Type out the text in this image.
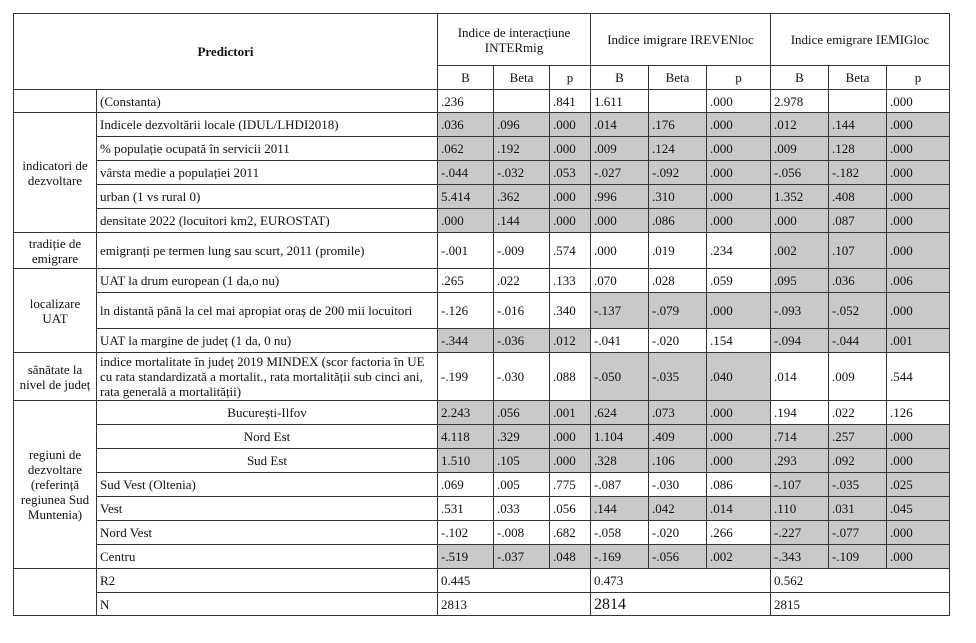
Predictori		Indice de interacțiune INTERmig			Indice imigrare IREVENloc			Indice emigrare IEMIGloc		
		B	Beta	p	B	Beta	p	B	Beta	p
	(Constanta)	.236		.841	1.611		.000	2.978		.000
indicatori de dezvoltare	Indicele dezvoltării locale (IDUL/LHDI2018)	.036	.096	.000	.014	.176	.000	.012	.144	.000
	% populație ocupată în servicii 2011	.062	.192	.000	.009	.124	.000	.009	.128	.000
	vârsta medie a populației 2011	-.044	-.032	.053	-.027	-.092	.000	-.056	-.182	.000
	urban (1 vs rural 0)	5.414	.362	.000	.996	.310	.000	1.352	.408	.000
	densitate 2022 (locuitori km2, EUROSTAT)	.000	.144	.000	.000	.086	.000	.000	.087	.000
tradiție de emigrare	emigranți pe termen lung sau scurt, 2011 (promile)	-.001	-.009	.574	.000	.019	.234	.002	.107	.000
localizare UAT	UAT la drum european (1 da,o nu)	.265	.022	.133	.070	.028	.059	.095	.036	.006
	ln distantă până la cel mai apropiat oraș de 200 mii locuitori	-.126	-.016	.340	-.137	-.079	.000	-.093	-.052	.000
	UAT la margine de județ (1 da, 0 nu)	-.344	-.036	.012	-.041	-.020	.154	-.094	-.044	.001
sănătate la nivel de județ	indice mortalitate în județ 2019 MINDEX (scor factoria în UE cu rata standardizată a mortalit., rata mortalității sub cinci ani, rata generală a mortalității)	-.199	-.030	.088	-.050	-.035	.040	.014	.009	.544
regiuni de dezvoltare (referință regiunea Sud Muntenia)	București-Ilfov	2.243	.056	.001	.624	.073	.000	.194	.022	.126
	Nord Est	4.118	.329	.000	1.104	.409	.000	.714	.257	.000
	Sud Est	1.510	.105	.000	.328	.106	.000	.293	.092	.000
	Sud Vest (Oltenia)	.069	.005	.775	-.087	-.030	.086	-.107	-.035	.025
	Vest	.531	.033	.056	.144	.042	.014	.110	.031	.045
	Nord Vest	-.102	-.008	.682	-.058	-.020	.266	-.227	-.077	.000
	Centru	-.519	-.037	.048	-.169	-.056	.002	-.343	-.109	.000
	R2	0.445			0.473			0.562		
	N	2813			2814			2815		
